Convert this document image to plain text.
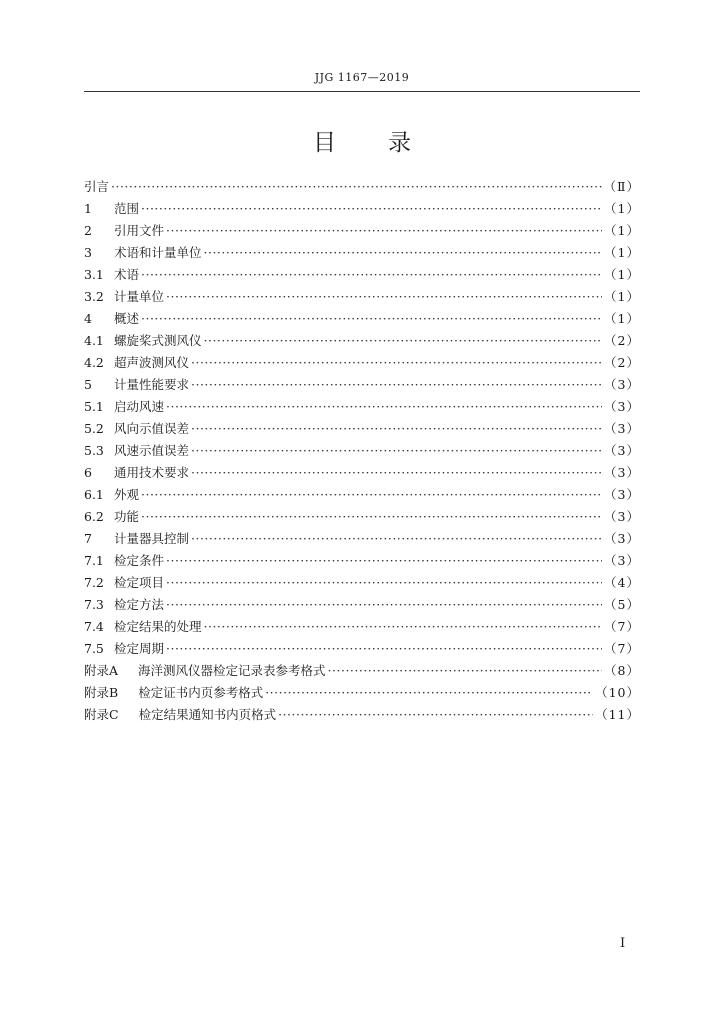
JJG 1167—2019
目 录
引言 ·····	（Ⅱ）
1	范围 ·····	（1）
2	引用文件 ·····	（1）
3	术语和计量单位 ·····	（1）
3.1 术语 ·····	（1）
3.2 计量单位 ·····	（1）
4	概述 ·····	（1）
4.1 螺旋桨式测风仪 ·····	（2）
4.2 超声波测风仪 ·····	（2）
5	计量性能要求 ·····	（3）
5.1 启动风速 ·····	（3）
5.2 风向示值误差 ·····	（3）
5.3 风速示值误差 ·····	（3）
6	通用技术要求 ·····	（3）
6.1 外观 ·····	（3）
6.2 功能 ·····	（3）
7	计量器具控制 ·····	（3）
7.1 检定条件 ·····	（3）
7.2 检定项目 ·····	（4）
7.3 检定方法 ·····	（5）
7.4 检定结果的处理 ·····	（7）
7.5 检定周期 ·····	（7）
附录A 海洋测风仪器检定记录表参考格式 ·····	（8）
附录B 检定证书内页参考格式 ·····	（10）
附录C 检定结果通知书内页格式 ·····	（11）
I
